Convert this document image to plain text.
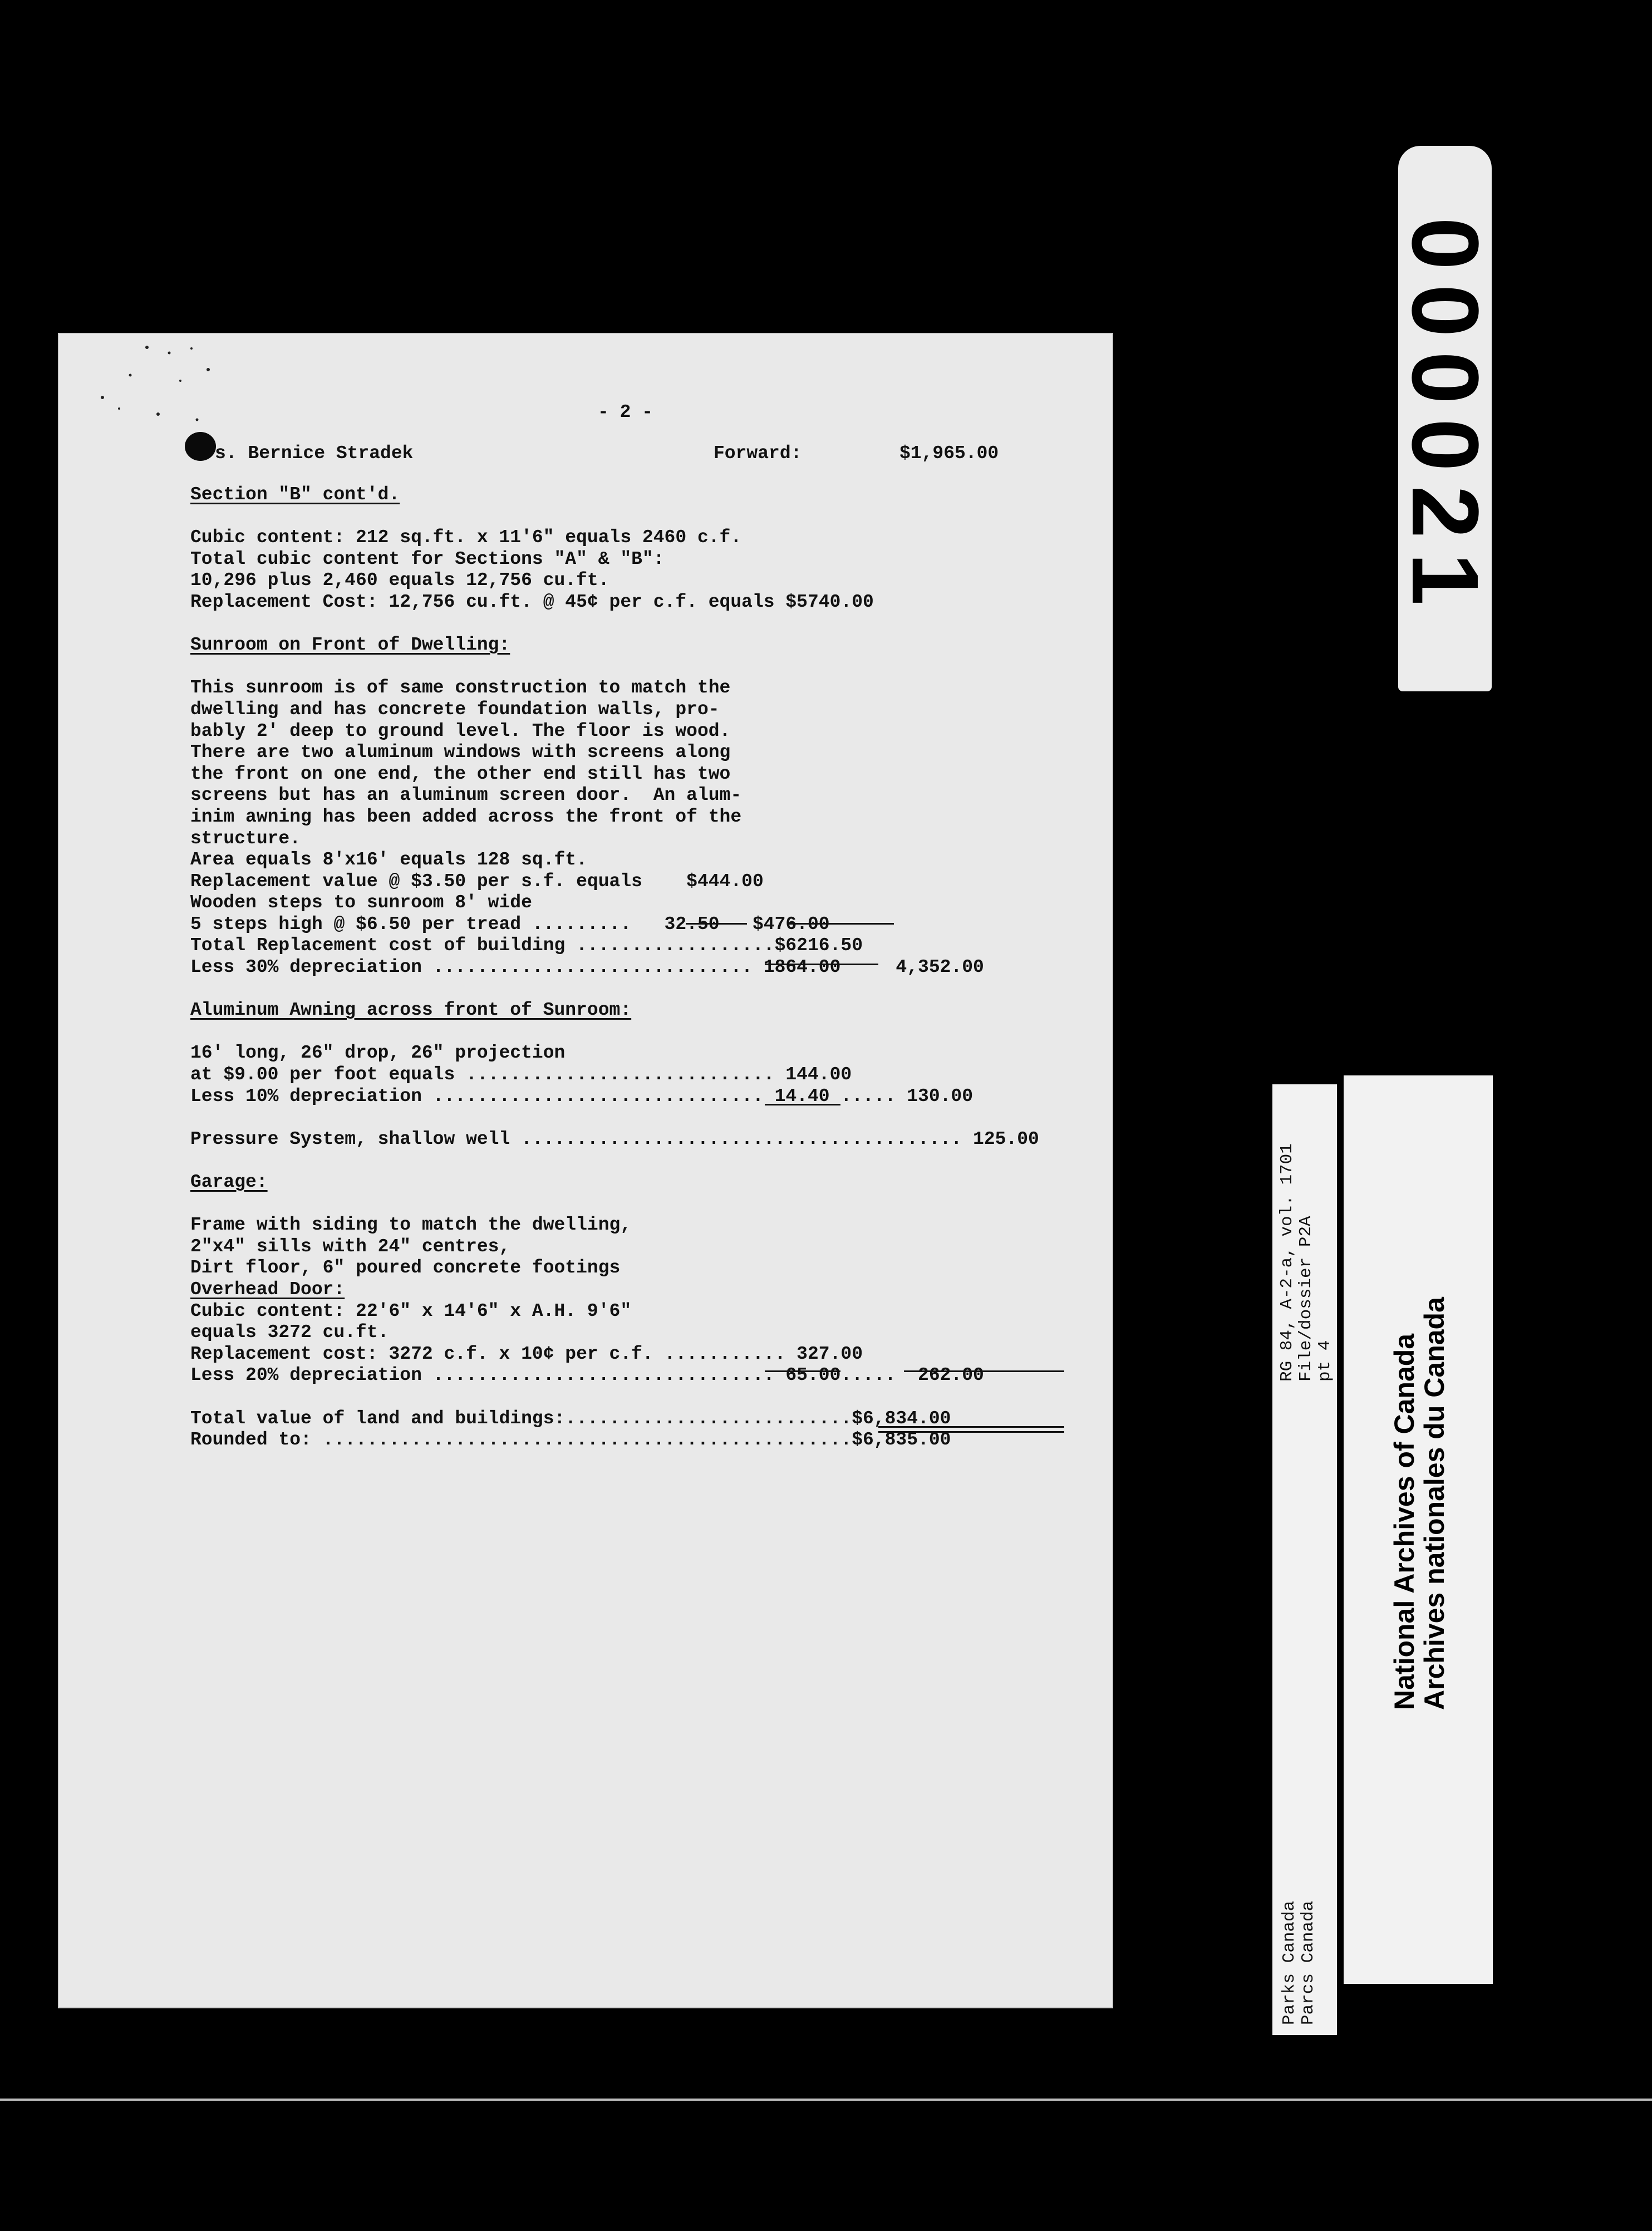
- 2 -
s. Bernice Stradek	Forward:	$1,965.00
Section "B" cont'd.
Cubic content: 212 sq.ft. x 11'6" equals 2460 c.f.
Total cubic content for Sections "A" & "B":
10,296 plus 2,460 equals 12,756 cu.ft.
Replacement Cost: 12,756 cu.ft. @ 45¢ per c.f. equals $5740.00
Sunroom on Front of Dwelling:
This sunroom is of same construction to match the
dwelling and has concrete foundation walls, pro-
bably 2' deep to ground level. The floor is wood.
There are two aluminum windows with screens along
the front on one end, the other end still has two
screens but has an aluminum screen door.  An alum-
inim awning has been added across the front of the
structure.
Area equals 8'x16' equals 128 sq.ft.
Replacement value @ $3.50 per s.f. equals    $444.00
Wooden steps to sunroom 8' wide
5 steps high @ $6.50 per tread .........   32.50   $476.00
Total Replacement cost of building ..................$6216.50
Less 30% depreciation ............................. 1864.00     4,352.00
Aluminum Awning across front of Sunroom:
16' long, 26" drop, 26" projection
at $9.00 per foot equals ............................ 144.00
Less 10% depreciation .............................. 14.40 ..... 130.00
Pressure System, shallow well ........................................ 125.00
Garage:
Frame with siding to match the dwelling,
2"x4" sills with 24" centres,
Dirt floor, 6" poured concrete footings
Overhead Door:
Cubic content: 22'6" x 14'6" x A.H. 9'6"
equals 3272 cu.ft.
Replacement cost: 3272 c.f. x 10¢ per c.f. ........... 327.00
Less 20% depreciation ............................... 65.00.....  262.00
Total value of land and buildings:..........................$6,834.00
Rounded to: ................................................$6,835.00
000021
RG 84, A-2-a, vol. 1701 File/dossier P2A pt 4
Parks Canada Parcs Canada
National Archives of Canada
Archives nationales du Canada
